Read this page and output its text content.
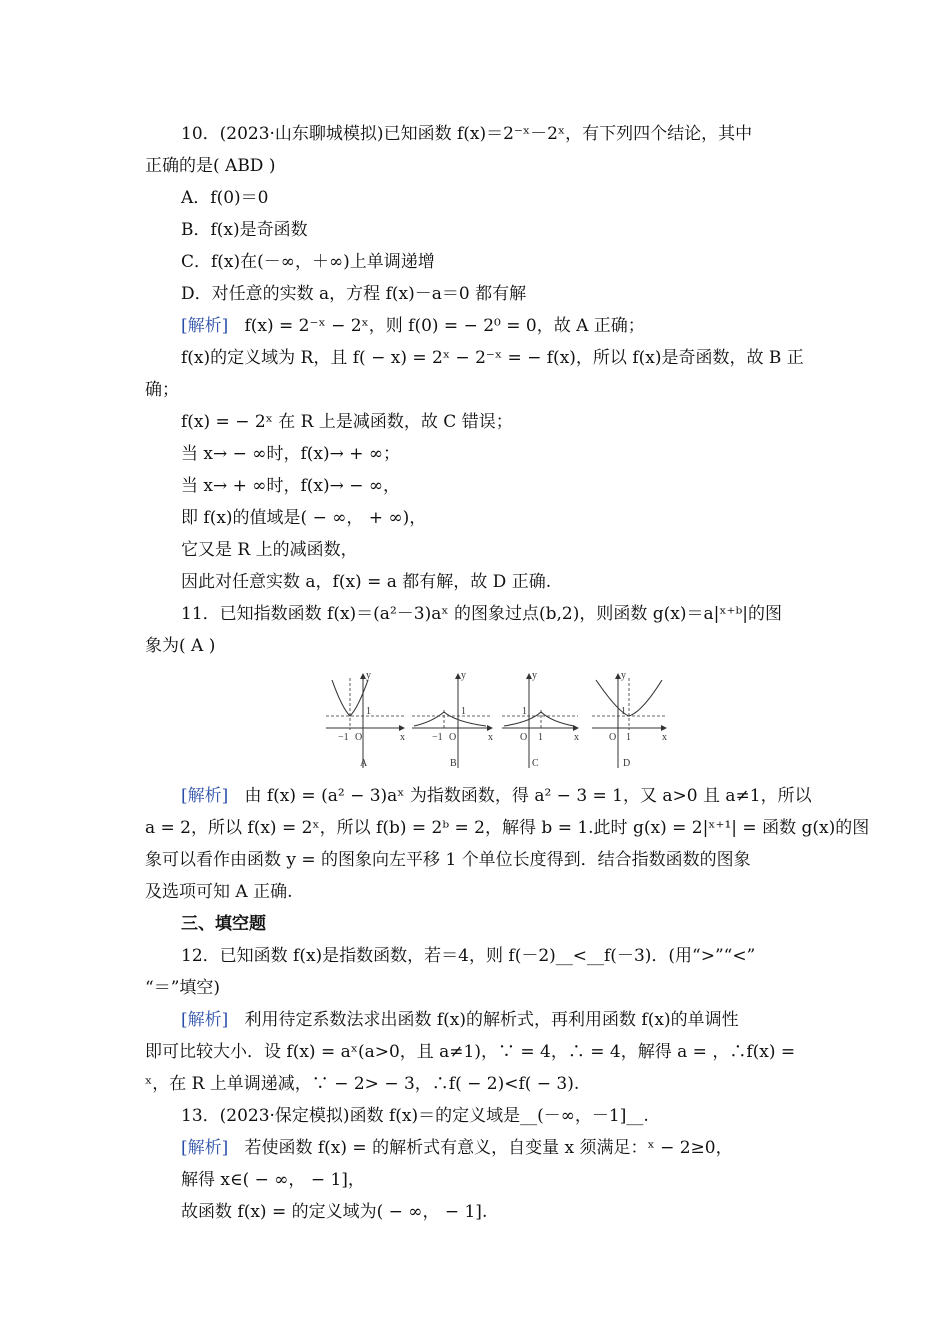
10．(2023·山东聊城模拟)已知函数 f(x)＝2⁻ˣ－2ˣ，有下列四个结论，其中
正确的是( ABD )
A．f(0)＝0
B．f(x)是奇函数
C．f(x)在(－∞，＋∞)上单调递增
D．对任意的实数 a，方程 f(x)－a＝0 都有解
[解析] f(x) = 2⁻ˣ − 2ˣ，则 f(0) = − 2⁰ = 0，故 A 正确；
f(x)的定义域为 R，且 f( − x) = 2ˣ − 2⁻ˣ = − f(x)，所以 f(x)是奇函数，故 B 正
确；
f(x) = − 2ˣ 在 R 上是减函数，故 C 错误；
当 x→ − ∞时，f(x)→ + ∞；
当 x→ + ∞时，f(x)→ − ∞，
即 f(x)的值域是( − ∞， + ∞)，
它又是 R 上的减函数，
因此对任意实数 a，f(x) = a 都有解，故 D 正确.
11．已知指数函数 f(x)＝(a²－3)aˣ 的图象过点(b,2)，则函数 g(x)＝a|ˣ⁺ᵇ|的图
象为( A )
y
x
O
−1
1
A
y
x
O
−1
1
B
y
x
O 1
1
C
y
x
O 1
1
D
[解析] 由 f(x) = (a² − 3)aˣ 为指数函数，得 a² − 3 = 1，又 a>0 且 a≠1，所以
a = 2，所以 f(x) = 2ˣ，所以 f(b) = 2ᵇ = 2，解得 b = 1.此时 g(x) = 2|ˣ⁺¹| = 函数 g(x)的图
象可以看作由函数 y = 的图象向左平移 1 个单位长度得到．结合指数函数的图象
及选项可知 A 正确.
三、填空题
12．已知函数 f(x)是指数函数，若＝4，则 f(－2)__<__f(－3)．(用“>”“<”
“＝”填空)
[解析] 利用待定系数法求出函数 f(x)的解析式，再利用函数 f(x)的单调性
即可比较大小．设 f(x) = aˣ(a>0，且 a≠1)，∵ = 4，∴ = 4，解得 a = ，∴f(x) =
ˣ，在 R 上单调递减，∵ − 2> − 3，∴f( − 2)<f( − 3).
13．(2023·保定模拟)函数 f(x)＝的定义域是__(－∞，－1]__.
[解析] 若使函数 f(x) = 的解析式有意义，自变量 x 须满足：ˣ − 2≥0，
解得 x∈( − ∞， − 1]，
故函数 f(x) = 的定义域为( − ∞， − 1].
